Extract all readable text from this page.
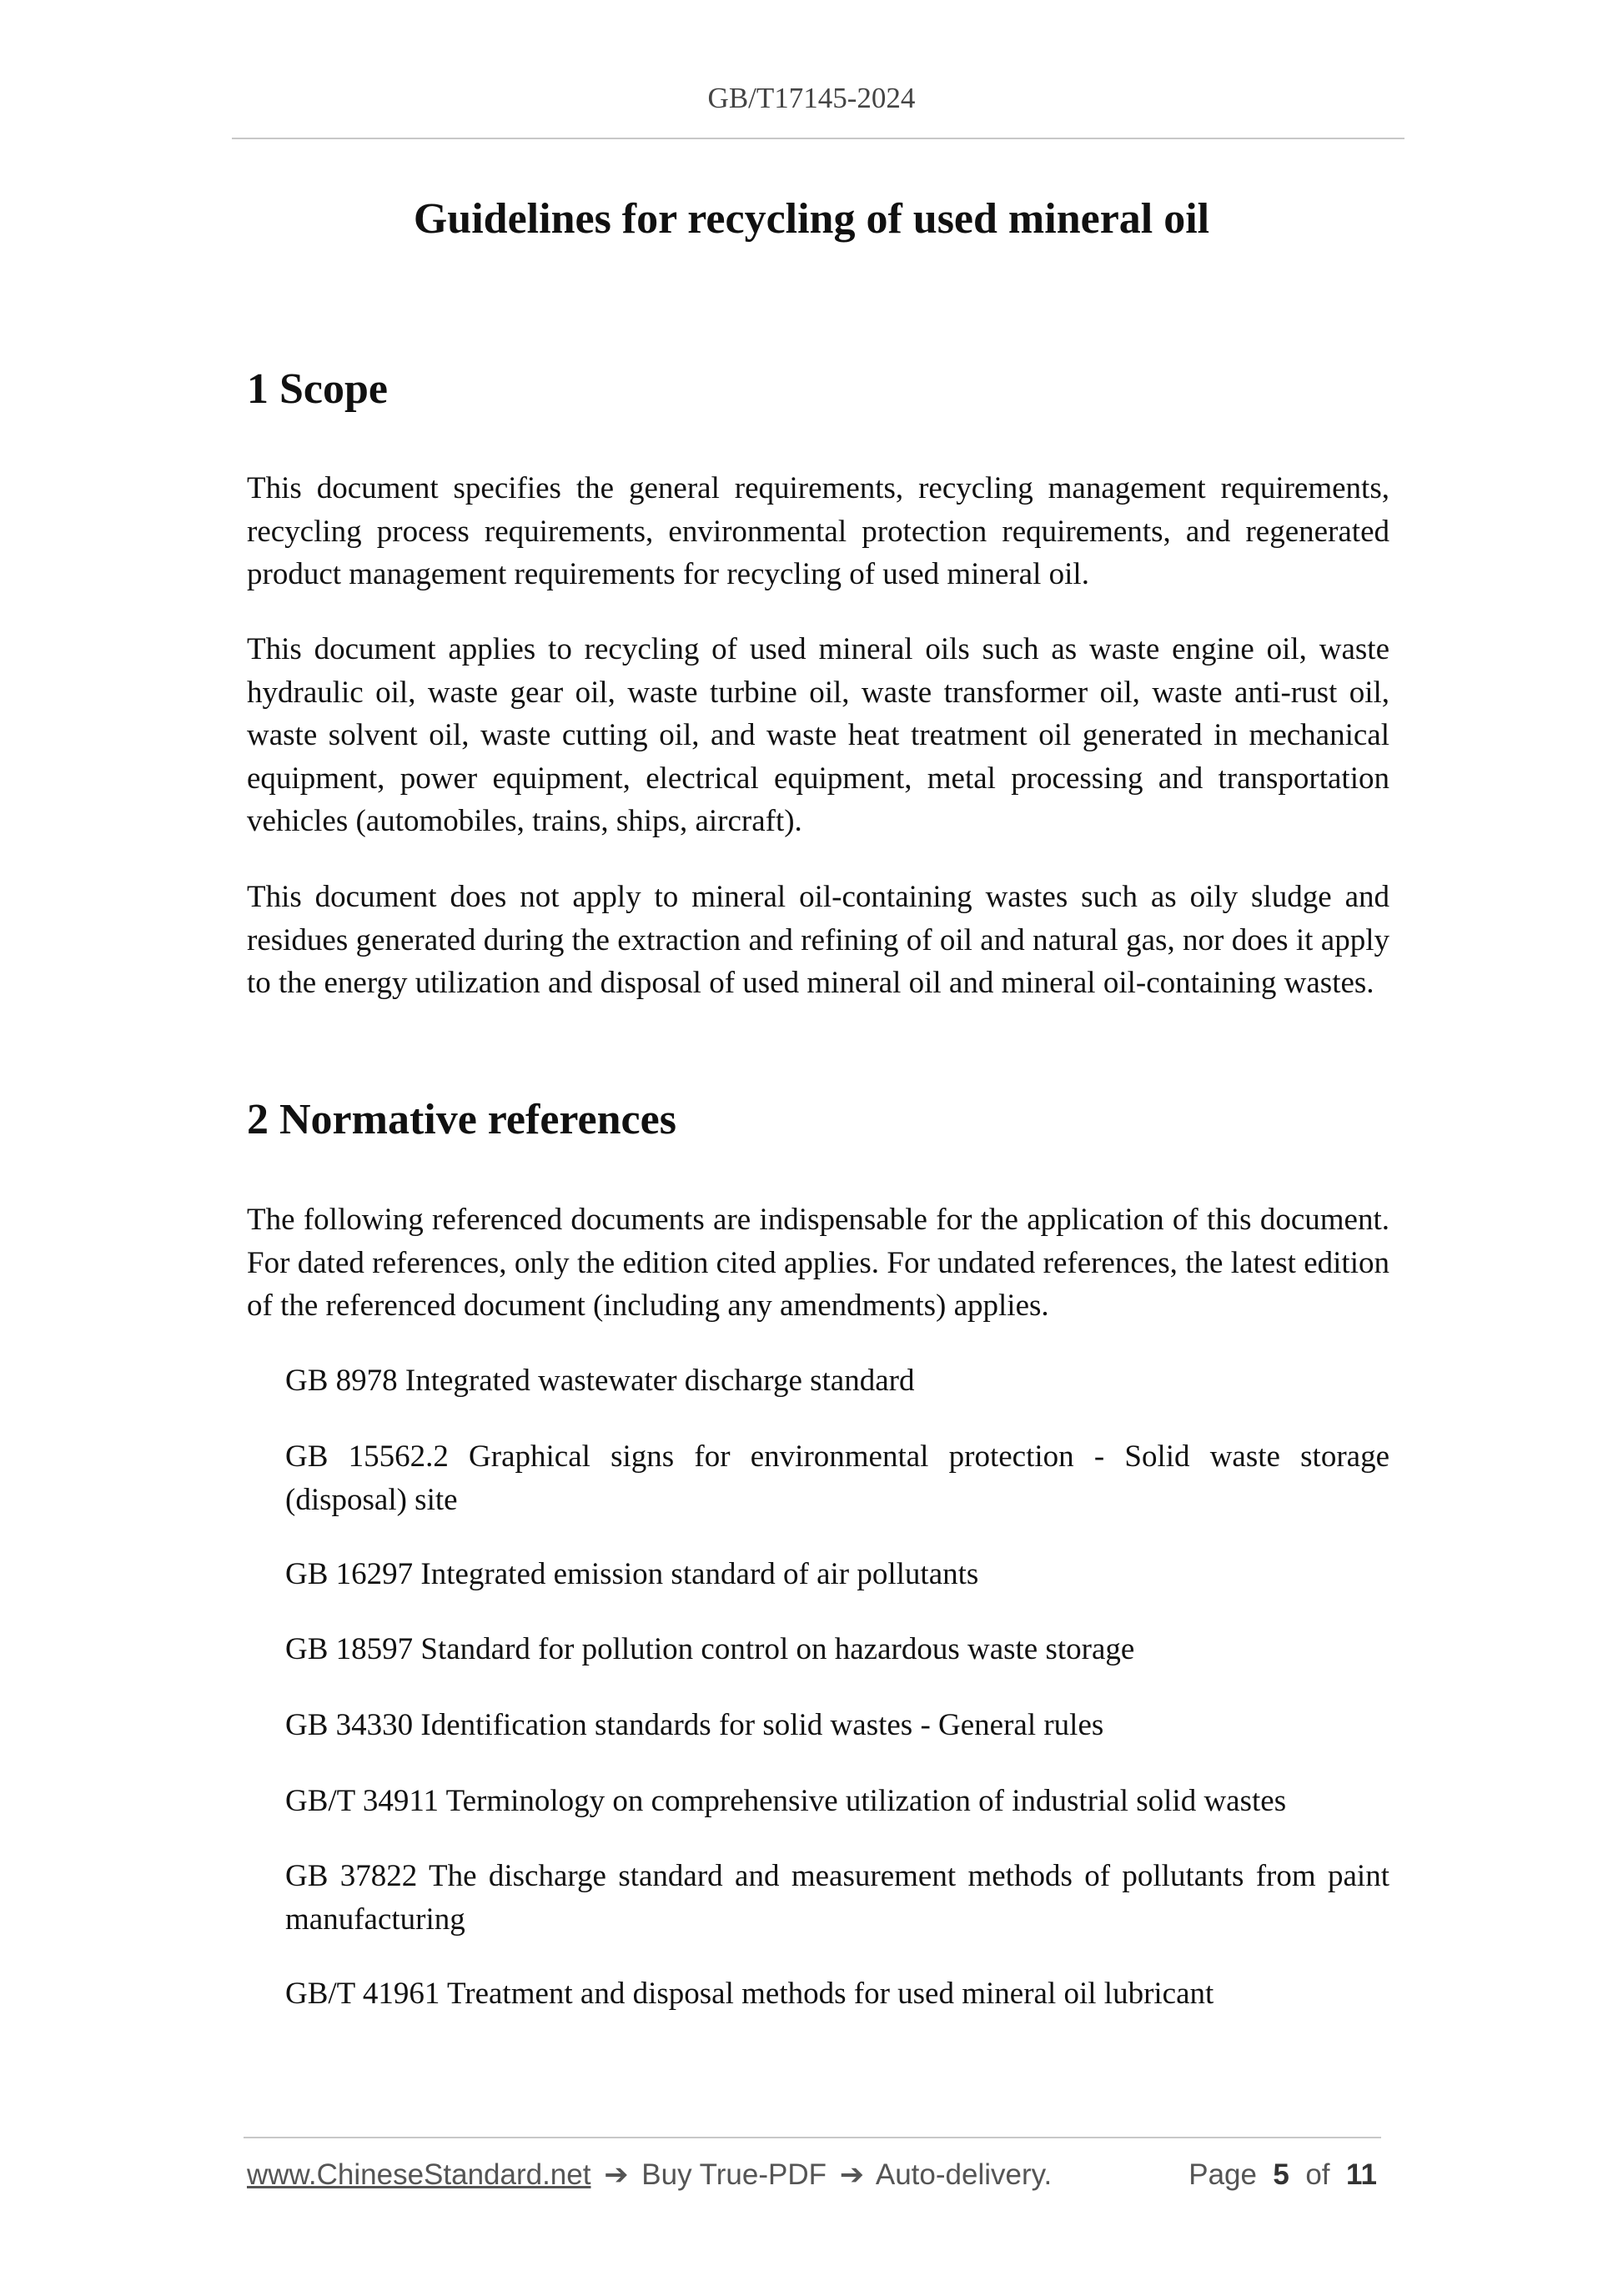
GB/T17145-2024
Guidelines for recycling of used mineral oil
1 Scope

This document specifies the general requirements, recycling management requirements, recycling process requirements, environmental protection requirements, and regenerated product management requirements for recycling of used mineral oil.

This document applies to recycling of used mineral oils such as waste engine oil, waste hydraulic oil, waste gear oil, waste turbine oil, waste transformer oil, waste anti-rust oil, waste solvent oil, waste cutting oil, and waste heat treatment oil generated in mechanical equipment, power equipment, electrical equipment, metal processing and transportation vehicles (automobiles, trains, ships, aircraft).

This document does not apply to mineral oil-containing wastes such as oily sludge and residues generated during the extraction and refining of oil and natural gas, nor does it apply to the energy utilization and disposal of used mineral oil and mineral oil-containing wastes.

2 Normative references

The following referenced documents are indispensable for the application of this document. For dated references, only the edition cited applies. For undated references, the latest edition of the referenced document (including any amendments) applies.

GB 8978 Integrated wastewater discharge standard

GB 15562.2 Graphical signs for environmental protection - Solid waste storage (disposal) site

GB 16297 Integrated emission standard of air pollutants

GB 18597 Standard for pollution control on hazardous waste storage

GB 34330 Identification standards for solid wastes - General rules

GB/T 34911 Terminology on comprehensive utilization of industrial solid wastes

GB 37822 The discharge standard and measurement methods of pollutants from paint manufacturing

GB/T 41961 Treatment and disposal methods for used mineral oil lubricant

www.ChineseStandard.net ➔ Buy True-PDF ➔ Auto-delivery.	Page 5 of 11
